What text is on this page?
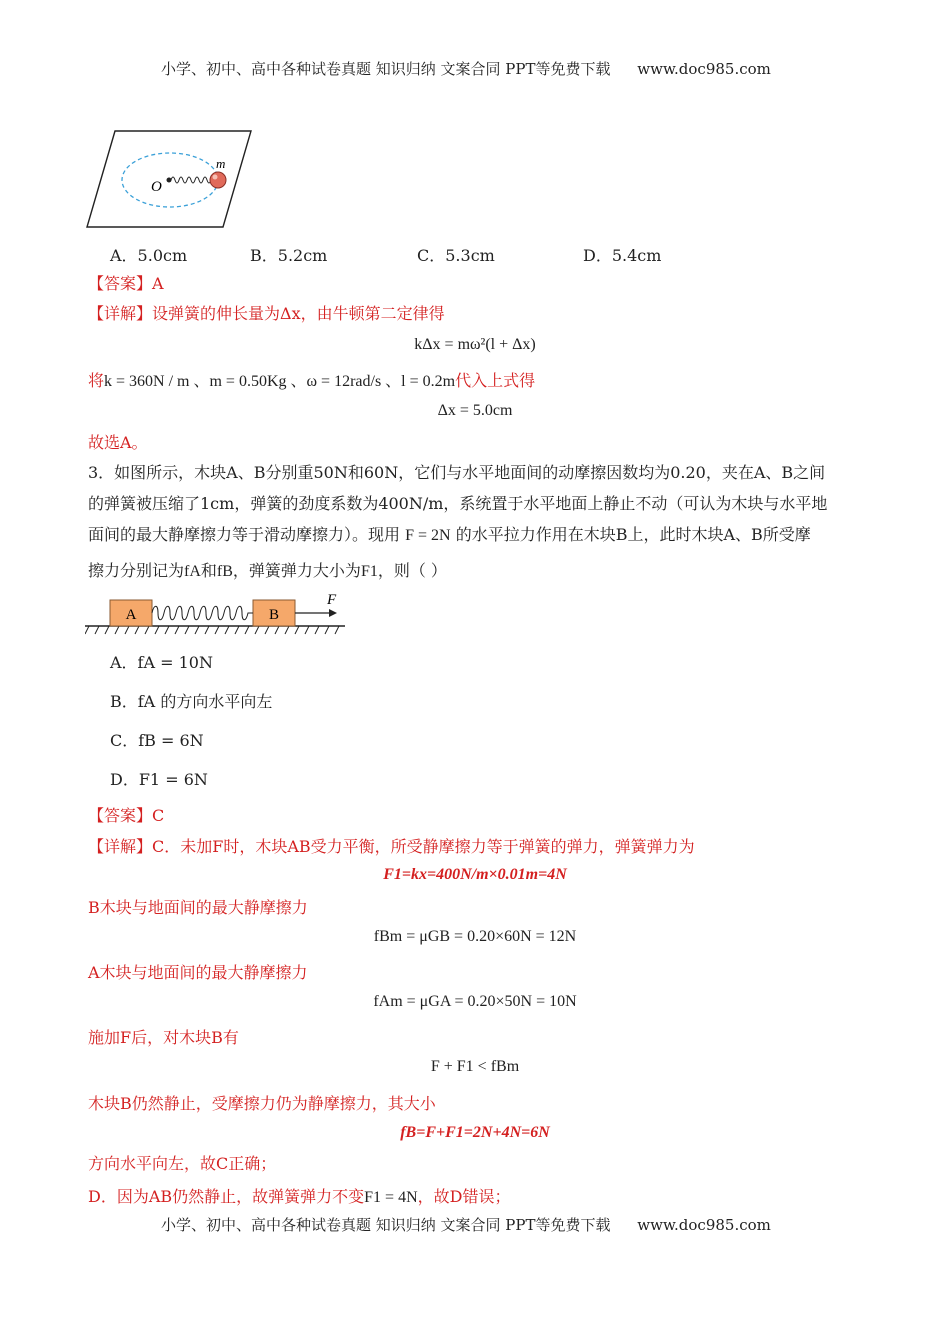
小学、初中、高中各种试卷真题 知识归纳 文案合同 PPT等免费下载 www.doc985.com
O
m
A．5.0cm	B．5.2cm	C．5.3cm	D．5.4cm
【答案】A
【详解】设弹簧的伸长量为Δx，由牛顿第二定律得
kΔx = mω²(l + Δx)
将k = 360N / m 、m = 0.50Kg 、ω = 12rad/s 、l = 0.2m代入上式得
Δx = 5.0cm
故选A。
3．如图所示，木块A、B分别重50N和60N，它们与水平地面间的动摩擦因数均为0.20，夹在A、B之间
的弹簧被压缩了1cm，弹簧的劲度系数为400N/m，系统置于水平地面上静止不动（可认为木块与水平地
面间的最大静摩擦力等于滑动摩擦力）。现用 F = 2N 的水平拉力作用在木块B上，此时木块A、B所受摩
擦力分别记为fA和fB，弹簧弹力大小为F1，则（ ）
A	B
F
A．fA = 10N
B．fA 的方向水平向左
C．fB = 6N
D．F1 = 6N
【答案】C
【详解】C．未加F时，木块AB受力平衡，所受静摩擦力等于弹簧的弹力，弹簧弹力为
F1=kx=400N/m×0.01m=4N
B木块与地面间的最大静摩擦力
fBm = μGB = 0.20×60N = 12N
A木块与地面间的最大静摩擦力
fAm = μGA = 0.20×50N = 10N
施加F后，对木块B有
F + F1 < fBm
木块B仍然静止，受摩擦力仍为静摩擦力，其大小
fB=F+F1=2N+4N=6N
方向水平向左，故C正确；
D．因为AB仍然静止，故弹簧弹力不变F1 = 4N，故D错误；
小学、初中、高中各种试卷真题 知识归纳 文案合同 PPT等免费下载 www.doc985.com
